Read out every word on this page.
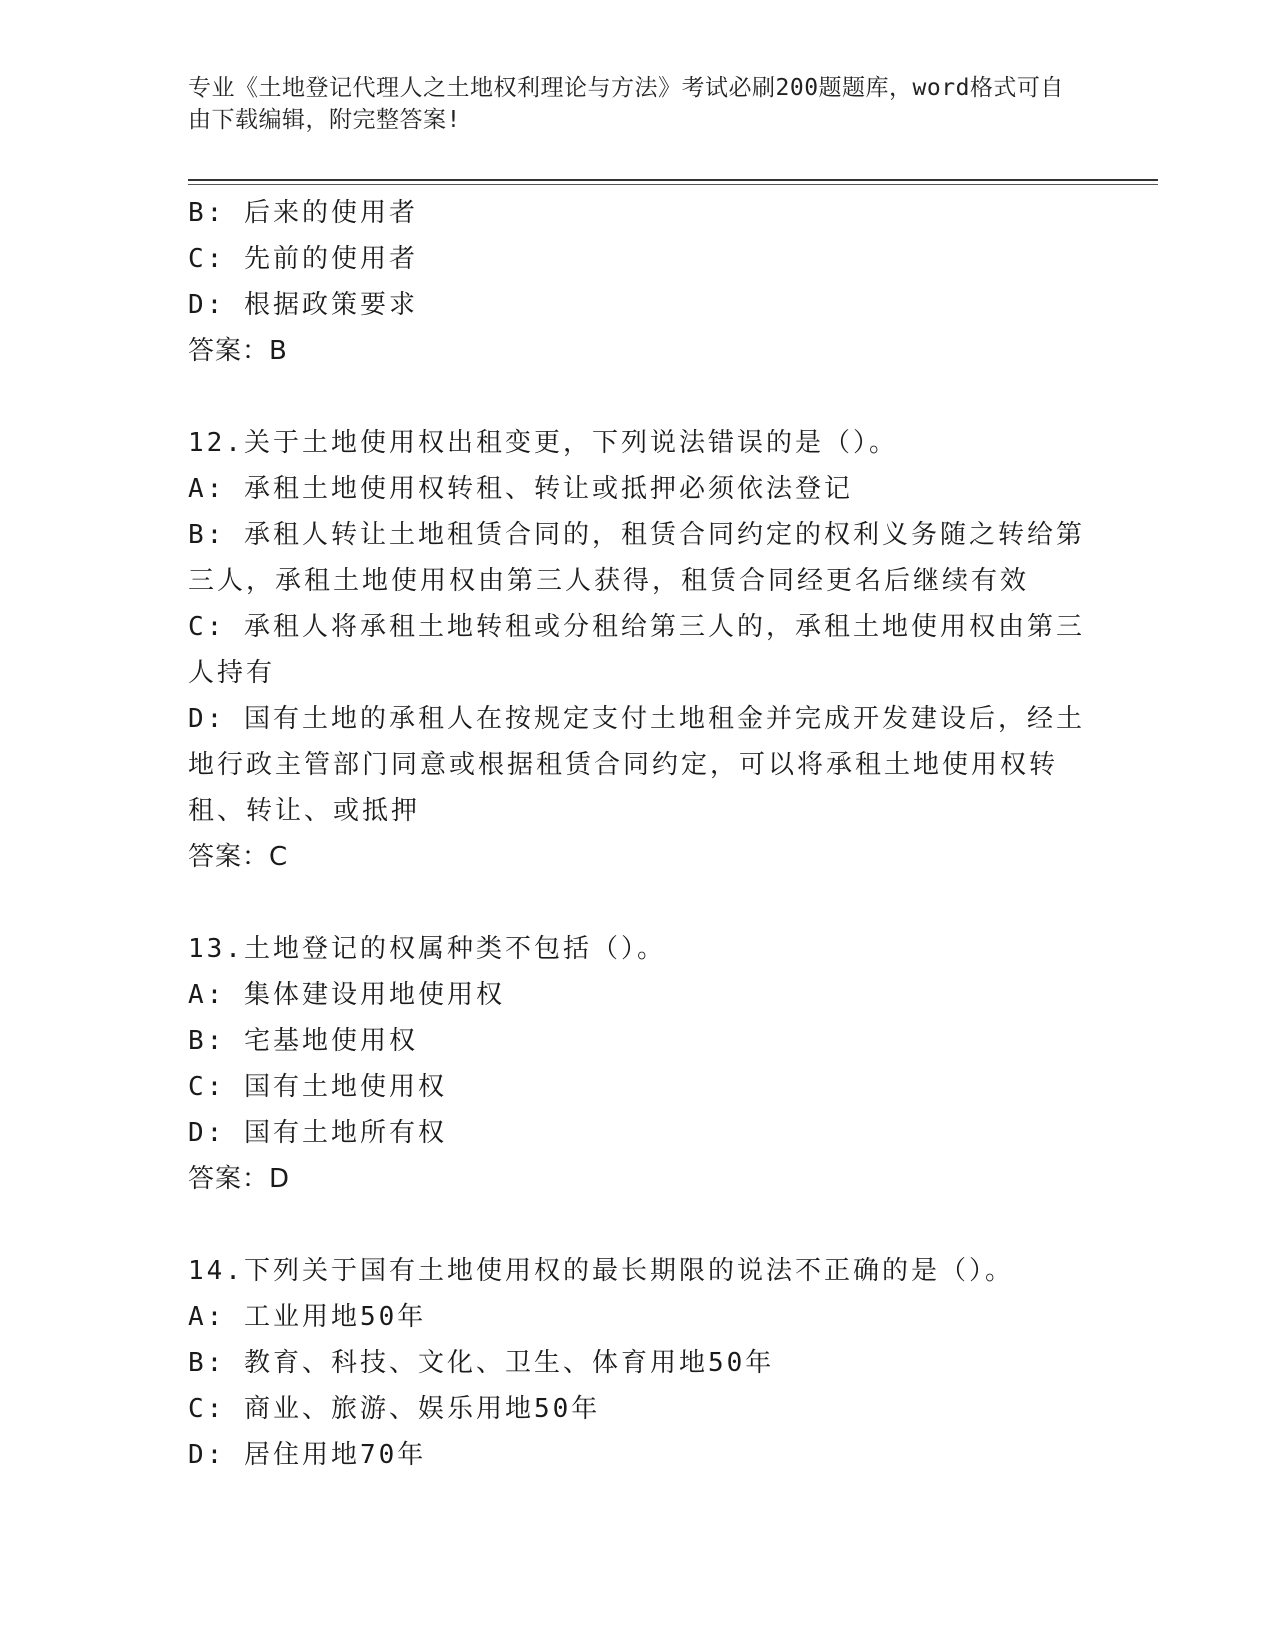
专业《土地登记代理人之土地权利理论与方法》考试必刷200题题库，word格式可自由下载编辑，附完整答案!
B: 后来的使用者
C: 先前的使用者
D: 根据政策要求
答案：B
12.关于土地使用权出租变更，下列说法错误的是（）。
A: 承租土地使用权转租、转让或抵押必须依法登记
B: 承租人转让土地租赁合同的，租赁合同约定的权利义务随之转给第三人，承租土地使用权由第三人获得，租赁合同经更名后继续有效
C: 承租人将承租土地转租或分租给第三人的，承租土地使用权由第三人持有
D: 国有土地的承租人在按规定支付土地租金并完成开发建设后，经土地行政主管部门同意或根据租赁合同约定，可以将承租土地使用权转租、转让、或抵押
答案：C
13.土地登记的权属种类不包括（）。
A: 集体建设用地使用权
B: 宅基地使用权
C: 国有土地使用权
D: 国有土地所有权
答案：D
14.下列关于国有土地使用权的最长期限的说法不正确的是（）。
A: 工业用地50年
B: 教育、科技、文化、卫生、体育用地50年
C: 商业、旅游、娱乐用地50年
D: 居住用地70年
